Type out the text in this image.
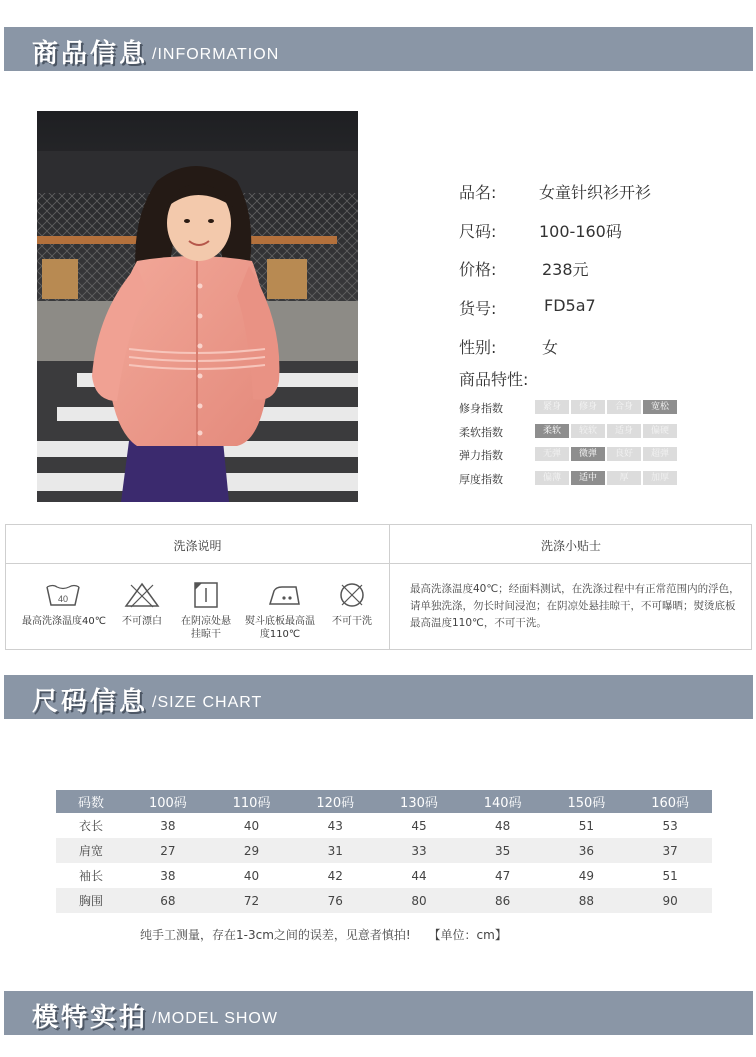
商品信息 /INFORMATION
品名:	女童针织衫开衫
尺码:	100-160码
价格:	238元
货号:	FD5a7
性别:	女
商品特性:
修身指数	紧身	修身	合身	宽松
柔软指数	柔软	较软	适身	偏硬
弹力指数	无弹	微弹	良好	超弹
厚度指数	偏薄	适中	厚	加厚
洗涤说明	洗涤小贴士
40
最高洗涤温度40℃	不可漂白	在阴凉处悬挂晾干
熨斗底板最高温度110℃
不可干洗
最高洗涤温度40℃；经面料测试，在洗涤过程中有正常范围内的浮色，请单独洗涤，勿长时间浸泡；在阴凉处悬挂晾干，不可曝晒；熨烫底板最高温度110℃，不可干洗。
尺码信息 /SIZE CHART
码数	100码	110码	120码	130码	140码	150码	160码
衣长	38	40	43	45	48	51	53
肩宽	27	29	31	33	35	36	37
袖长	38	40	42	44	47	49	51
胸围	68	72	76	80	86	88	90
纯手工测量，存在1-3cm之间的误差，见意者慎拍! 【单位：cm】
模特实拍 /MODEL SHOW
